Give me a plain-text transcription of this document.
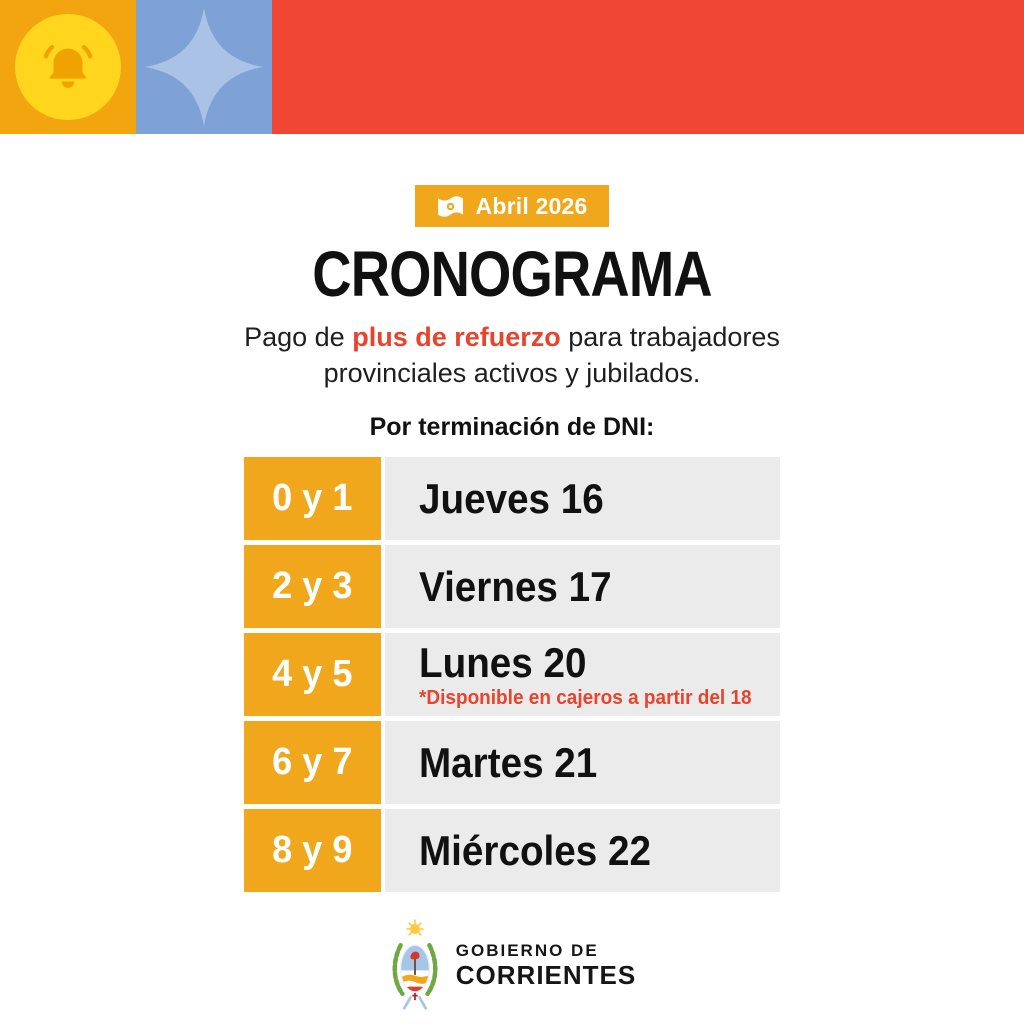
Abril 2026
CRONOGRAMA

Pago de plus de refuerzo para trabajadores provinciales activos y jubilados.

Por terminación de DNI:
0 y 1 Jueves 16
2 y 3 Viernes 17
4 y 5 Lunes 20
*Disponible en cajeros a partir del 18
6 y 7 Martes 21
8 y 9 Miércoles 22
GOBIERNO DE
CORRIENTES
